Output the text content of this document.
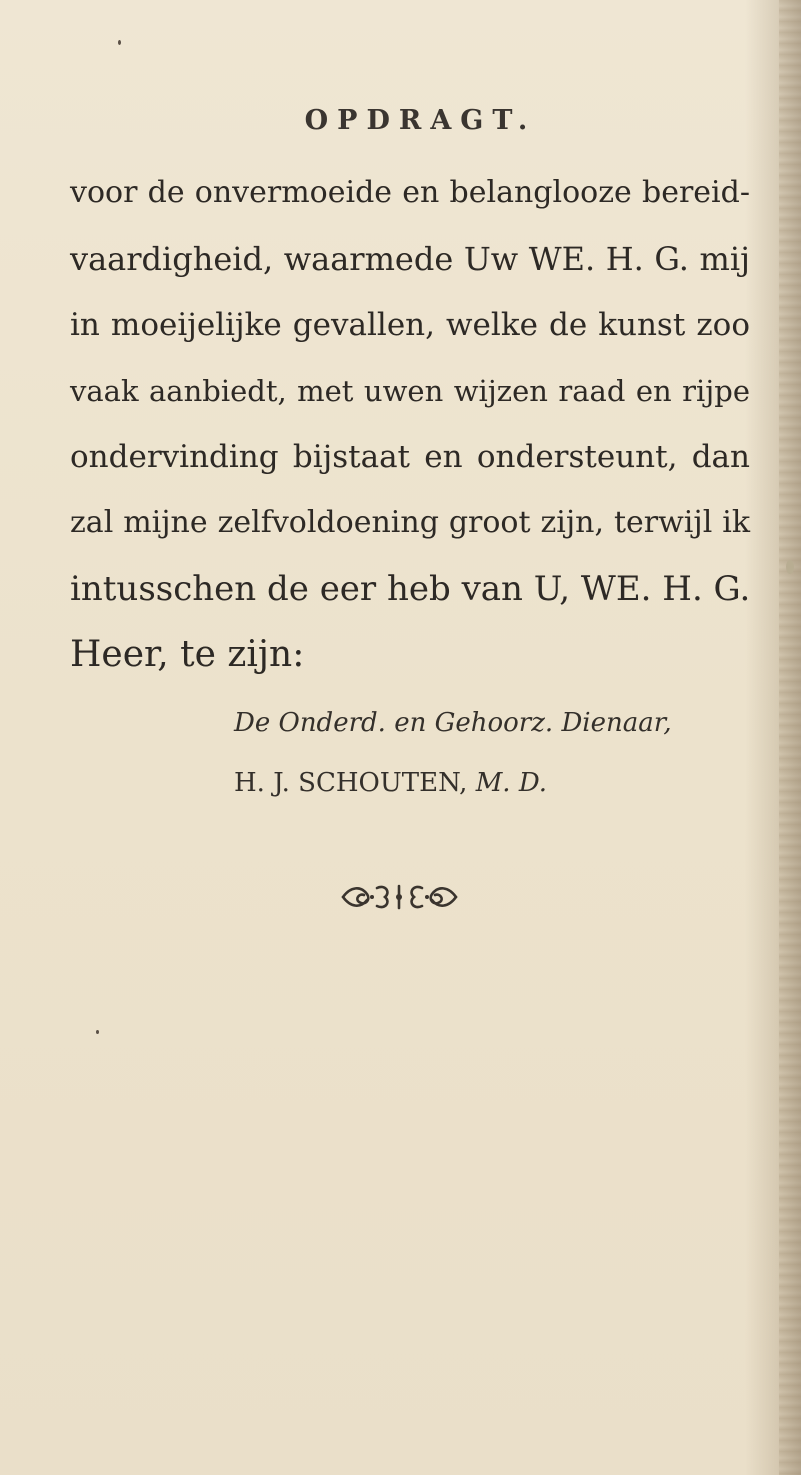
OPDRAGT.
De Onderd. en Gehoorz. Dienaar,
H. J. SCHOUTEN, M. D.
voor de onvermoeide en belanglooze bereid-
vaardigheid, waarmede Uw WE. H. G. mij
in moeijelijke gevallen, welke de kunst zoo
vaak aanbiedt, met uwen wijzen raad en rijpe
ondervinding bijstaat en ondersteunt, dan
zal mijne zelfvoldoening groot zijn, terwijl ik
intusschen de eer heb van U, WE. H. G.
Heer, te zijn:
